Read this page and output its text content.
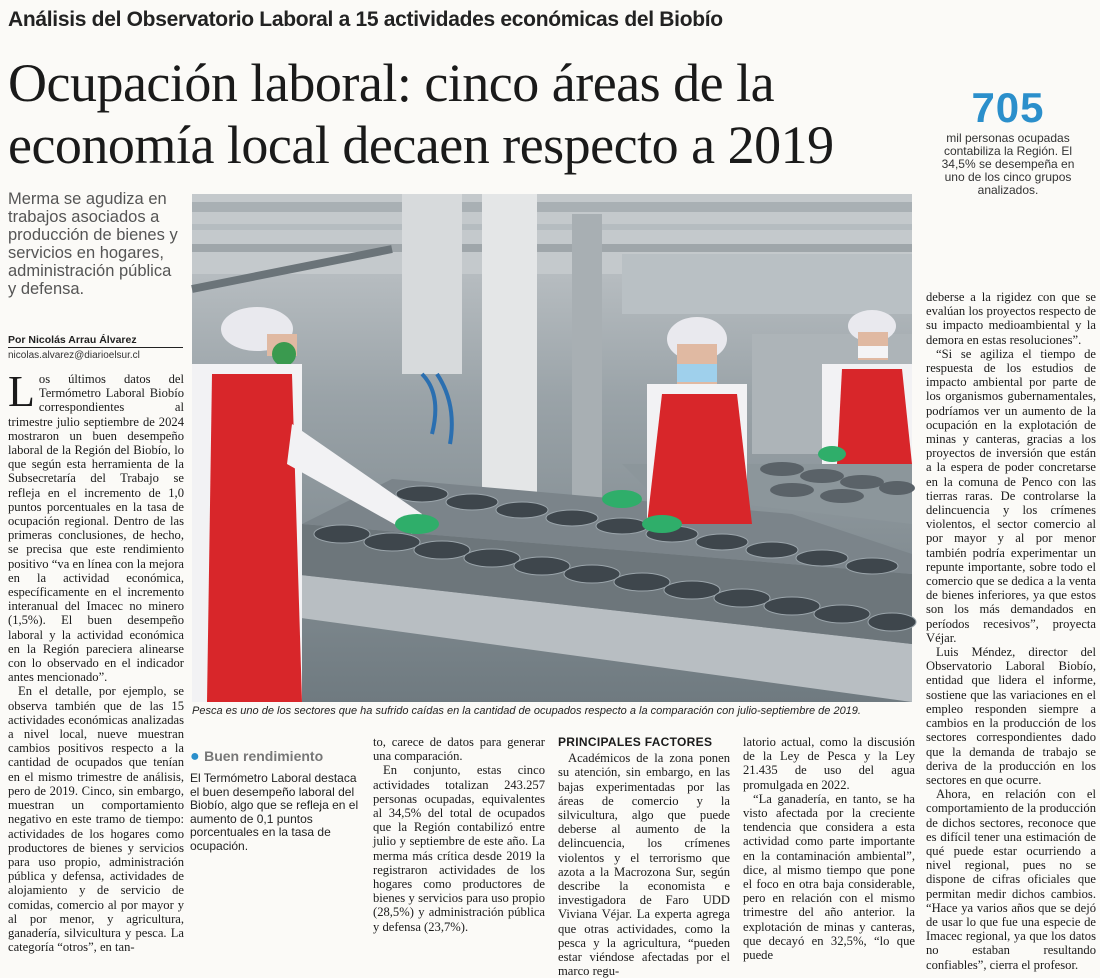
Análisis del Observatorio Laboral a 15 actividades económicas del Biobío
Ocupación laboral: cinco áreas de la
economía local decaen respecto a 2019
705
mil personas ocupadas contabiliza la Región. El 34,5% se desempeña en uno de los cinco grupos analizados.
Merma se agudiza en trabajos asociados a producción de bienes y servicios en hogares, administración pública y defensa.
Por Nicolás Arrau Álvarez
nicolas.alvarez@diarioelsur.cl
Pesca es uno de los sectores que ha sufrido caídas en la cantidad de ocupados respecto a la comparación con julio-septiembre de 2019.

Los últimos datos del Termómetro Laboral Biobío correspondientes al trimestre julio septiembre de 2024 mostraron un buen desempeño laboral de la Región del Biobío, lo que según esta herramienta de la Subsecretaría del Trabajo se refleja en el incremento de 1,0 puntos porcentuales en la tasa de ocupación regional. Dentro de las primeras conclusiones, de hecho, se precisa que este rendimiento positivo “va en línea con la mejora en la actividad económica, específicamente en el incremento interanual del Imacec no minero (1,5%). El buen desempeño laboral y la actividad económica en la Región pareciera alinearse con lo observado en el indicador antes mencionado”.

En el detalle, por ejemplo, se observa también que de las 15 actividades económicas analizadas a nivel local, nueve muestran cambios positivos respecto a la cantidad de ocupados que tenían en el mismo trimestre de análisis, pero de 2019. Cinco, sin embargo, muestran un comportamiento negativo en este tramo de tiempo: actividades de los hogares como productores de bienes y servicios para uso propio, administración pública y defensa, actividades de alojamiento y de servicio de comidas, comercio al por mayor y al por menor, y agricultura, ganadería, silvicultura y pesca. La categoría “otros”, en tan-

● Buen rendimiento
El Termómetro Laboral destaca el buen desempeño laboral del Biobío, algo que se refleja en el aumento de 0,1 puntos porcentuales en la tasa de ocupación.

to, carece de datos para generar una comparación.

En conjunto, estas cinco actividades totalizan 243.257 personas ocupadas, equivalentes al 34,5% del total de ocupados que la Región contabilizó entre julio y septiembre de este año. La merma más crítica desde 2019 la registraron actividades de los hogares como productores de bienes y servicios para uso propio (28,5%) y administración pública y defensa (23,7%).

PRINCIPALES FACTORES

Académicos de la zona ponen su atención, sin embargo, en las bajas experimentadas por las áreas de comercio y la silvicultura, algo que puede deberse al aumento de la delincuencia, los crímenes violentos y el terrorismo que azota a la Macrozona Sur, según describe la economista e investigadora de Faro UDD Viviana Véjar. La experta agrega que otras actividades, como la pesca y la agricultura, “pueden estar viéndose afectadas por el marco regu-

latorio actual, como la discusión de la Ley de Pesca y la Ley 21.435 de uso del agua promulgada en 2022.

“La ganadería, en tanto, se ha visto afectada por la creciente tendencia que considera a esta actividad como parte importante en la contaminación ambiental”, dice, al mismo tiempo que pone el foco en otra baja considerable, pero en relación con el mismo trimestre del año anterior. la explotación de minas y canteras, que decayó en 32,5%, “lo que puede

deberse a la rigidez con que se evalúan los proyectos respecto de su impacto medioambiental y la demora en estas resoluciones”.

“Si se agiliza el tiempo de respuesta de los estudios de impacto ambiental por parte de los organismos gubernamentales, podríamos ver un aumento de la ocupación en la explotación de minas y canteras, gracias a los proyectos de inversión que están a la espera de poder concretarse en la comuna de Penco con las tierras raras. De controlarse la delincuencia y los crímenes violentos, el sector comercio al por mayor y al por menor también podría experimentar un repunte importante, sobre todo el comercio que se dedica a la venta de bienes inferiores, ya que estos son los más demandados en períodos recesivos”, proyecta Véjar.

Luis Méndez, director del Observatorio Laboral Biobío, entidad que lidera el informe, sostiene que las variaciones en el empleo responden siempre a cambios en la producción de los sectores correspondientes dado que la demanda de trabajo se deriva de la producción en los sectores en que ocurre.

Ahora, en relación con el comportamiento de la producción de dichos sectores, reconoce que es difícil tener una estimación de qué puede estar ocurriendo a nivel regional, pues no se dispone de cifras oficiales que permitan medir dichos cambios. “Hace ya varios años que se dejó de usar lo que fue una especie de Imacec regional, ya que los datos no estaban resultando confiables”, cierra el profesor.
